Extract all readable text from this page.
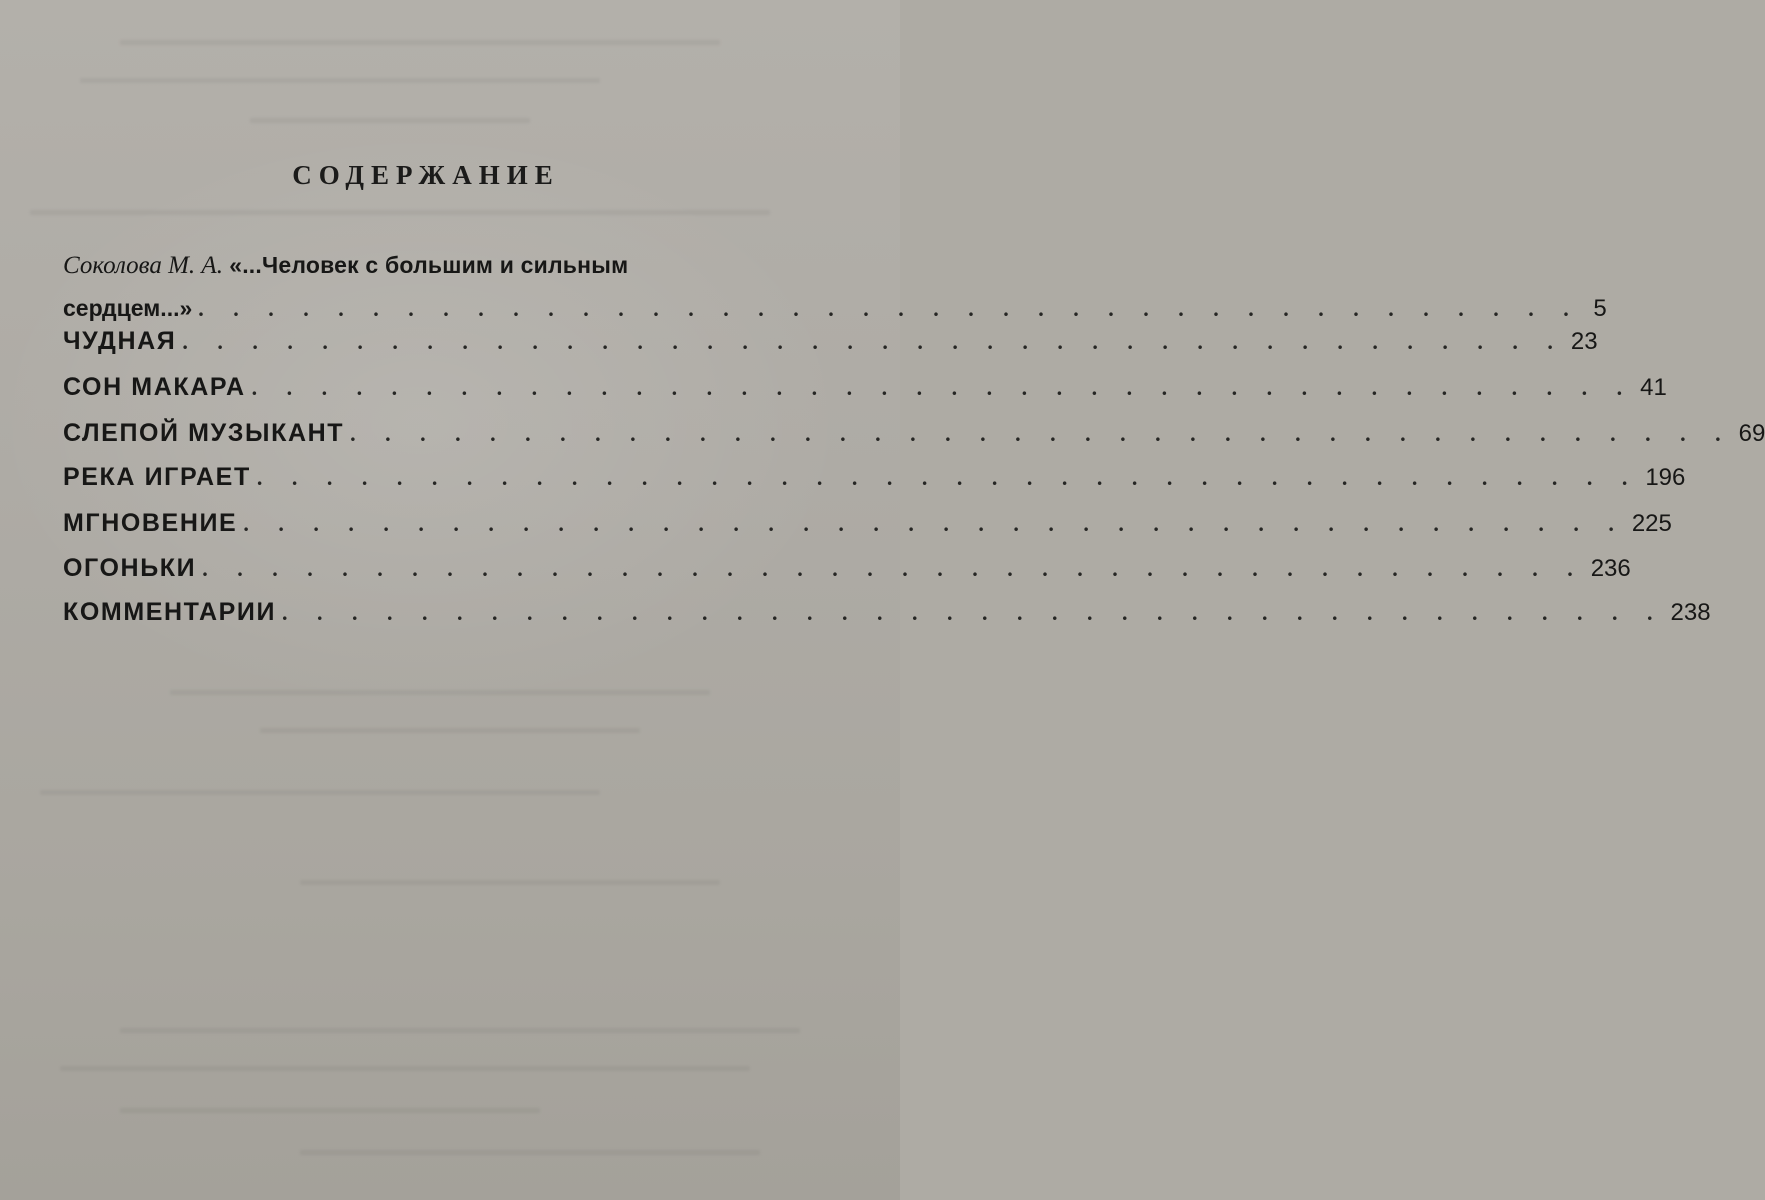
СОДЕРЖАНИЕ
Соколова М. А. «...Человек с большим и сильным
сердцем...» . . . . . . . . . . . . . . . . . . . . . . . . . . . . . . . . . . . . . . . . 5
ЧУДНАЯ . . . . . . . . . . . . . . . . . . . . . . . . . . . . . . . . . . . . . . . . 23
СОН МАКАРА . . . . . . . . . . . . . . . . . . . . . . . . . . . . . . . . . . . . . . . . 41
СЛЕПОЙ МУЗЫКАНТ . . . . . . . . . . . . . . . . . . . . . . . . . . . . . . . . . . . . . . . . 69
РЕКА ИГРАЕТ . . . . . . . . . . . . . . . . . . . . . . . . . . . . . . . . . . . . . . . . 196
МГНОВЕНИЕ . . . . . . . . . . . . . . . . . . . . . . . . . . . . . . . . . . . . . . . . 225
ОГОНЬКИ . . . . . . . . . . . . . . . . . . . . . . . . . . . . . . . . . . . . . . . . 236
КОММЕНТАРИИ . . . . . . . . . . . . . . . . . . . . . . . . . . . . . . . . . . . . . . . . 238
